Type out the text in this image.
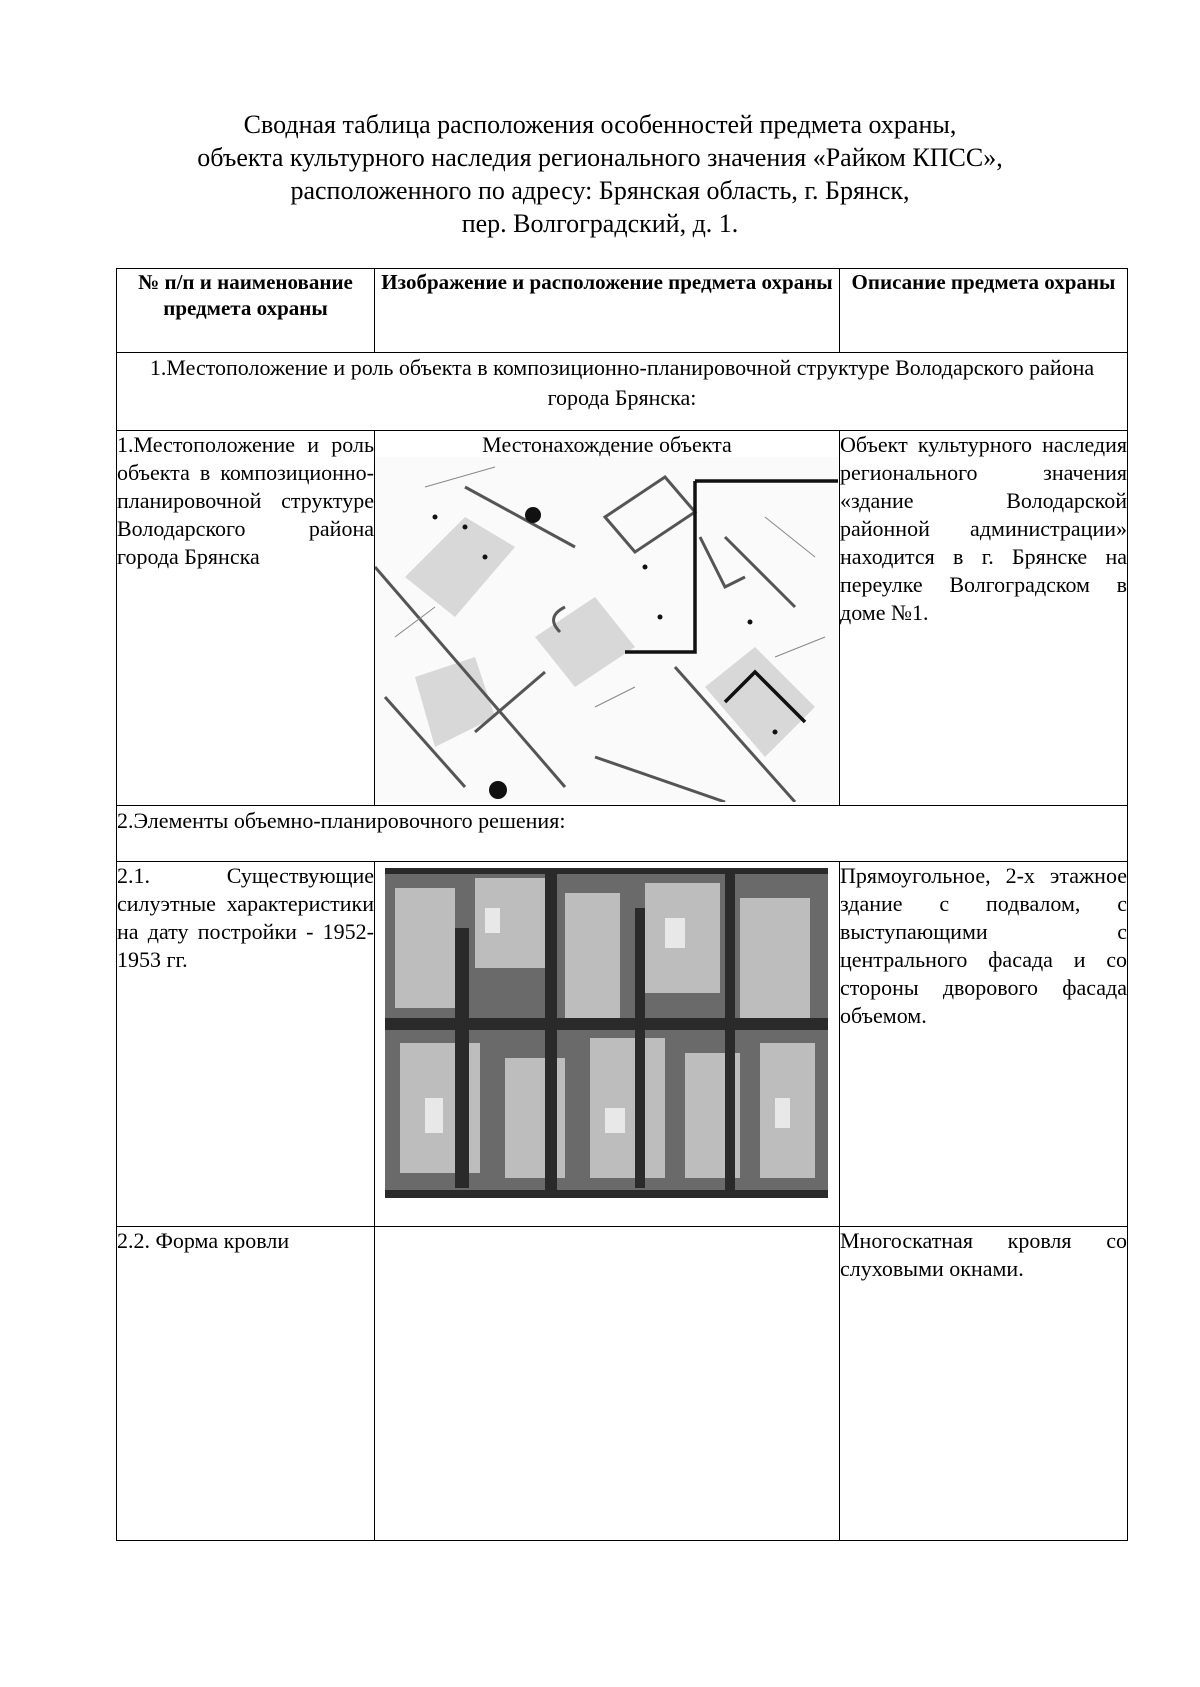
Сводная таблица расположения особенностей предмета охраны,
объекта культурного наследия регионального значения «Райком КПСС»,
расположенного по адресу: Брянская область, г. Брянск,
пер. Волгоградский, д. 1.
№ п/п и наименование предмета охраны	Изображение и расположение предмета охраны	Описание предмета охраны
1.Местоположение и роль объекта в композиционно-планировочной структуре Володарского района города Брянска:		
1.Местоположение и роль объекта в композиционно-планировочной структуре Володарского района города Брянска	Местонахождение объекта	Объект культурного наследия регионального значения «здание Володарской районной администрации» находится в г. Брянске на переулке Волгоградском в доме №1.
2.Элементы объемно-планировочного решения:		
2.1. Существующие силуэтные характеристики на дату постройки - 1952-1953 гг.		Прямоугольное, 2-х этажное здание с подвалом, с выступающими с центрального фасада и со стороны дворового фасада объемом.
2.2. Форма кровли		Многоскатная кровля со слуховыми окнами.
